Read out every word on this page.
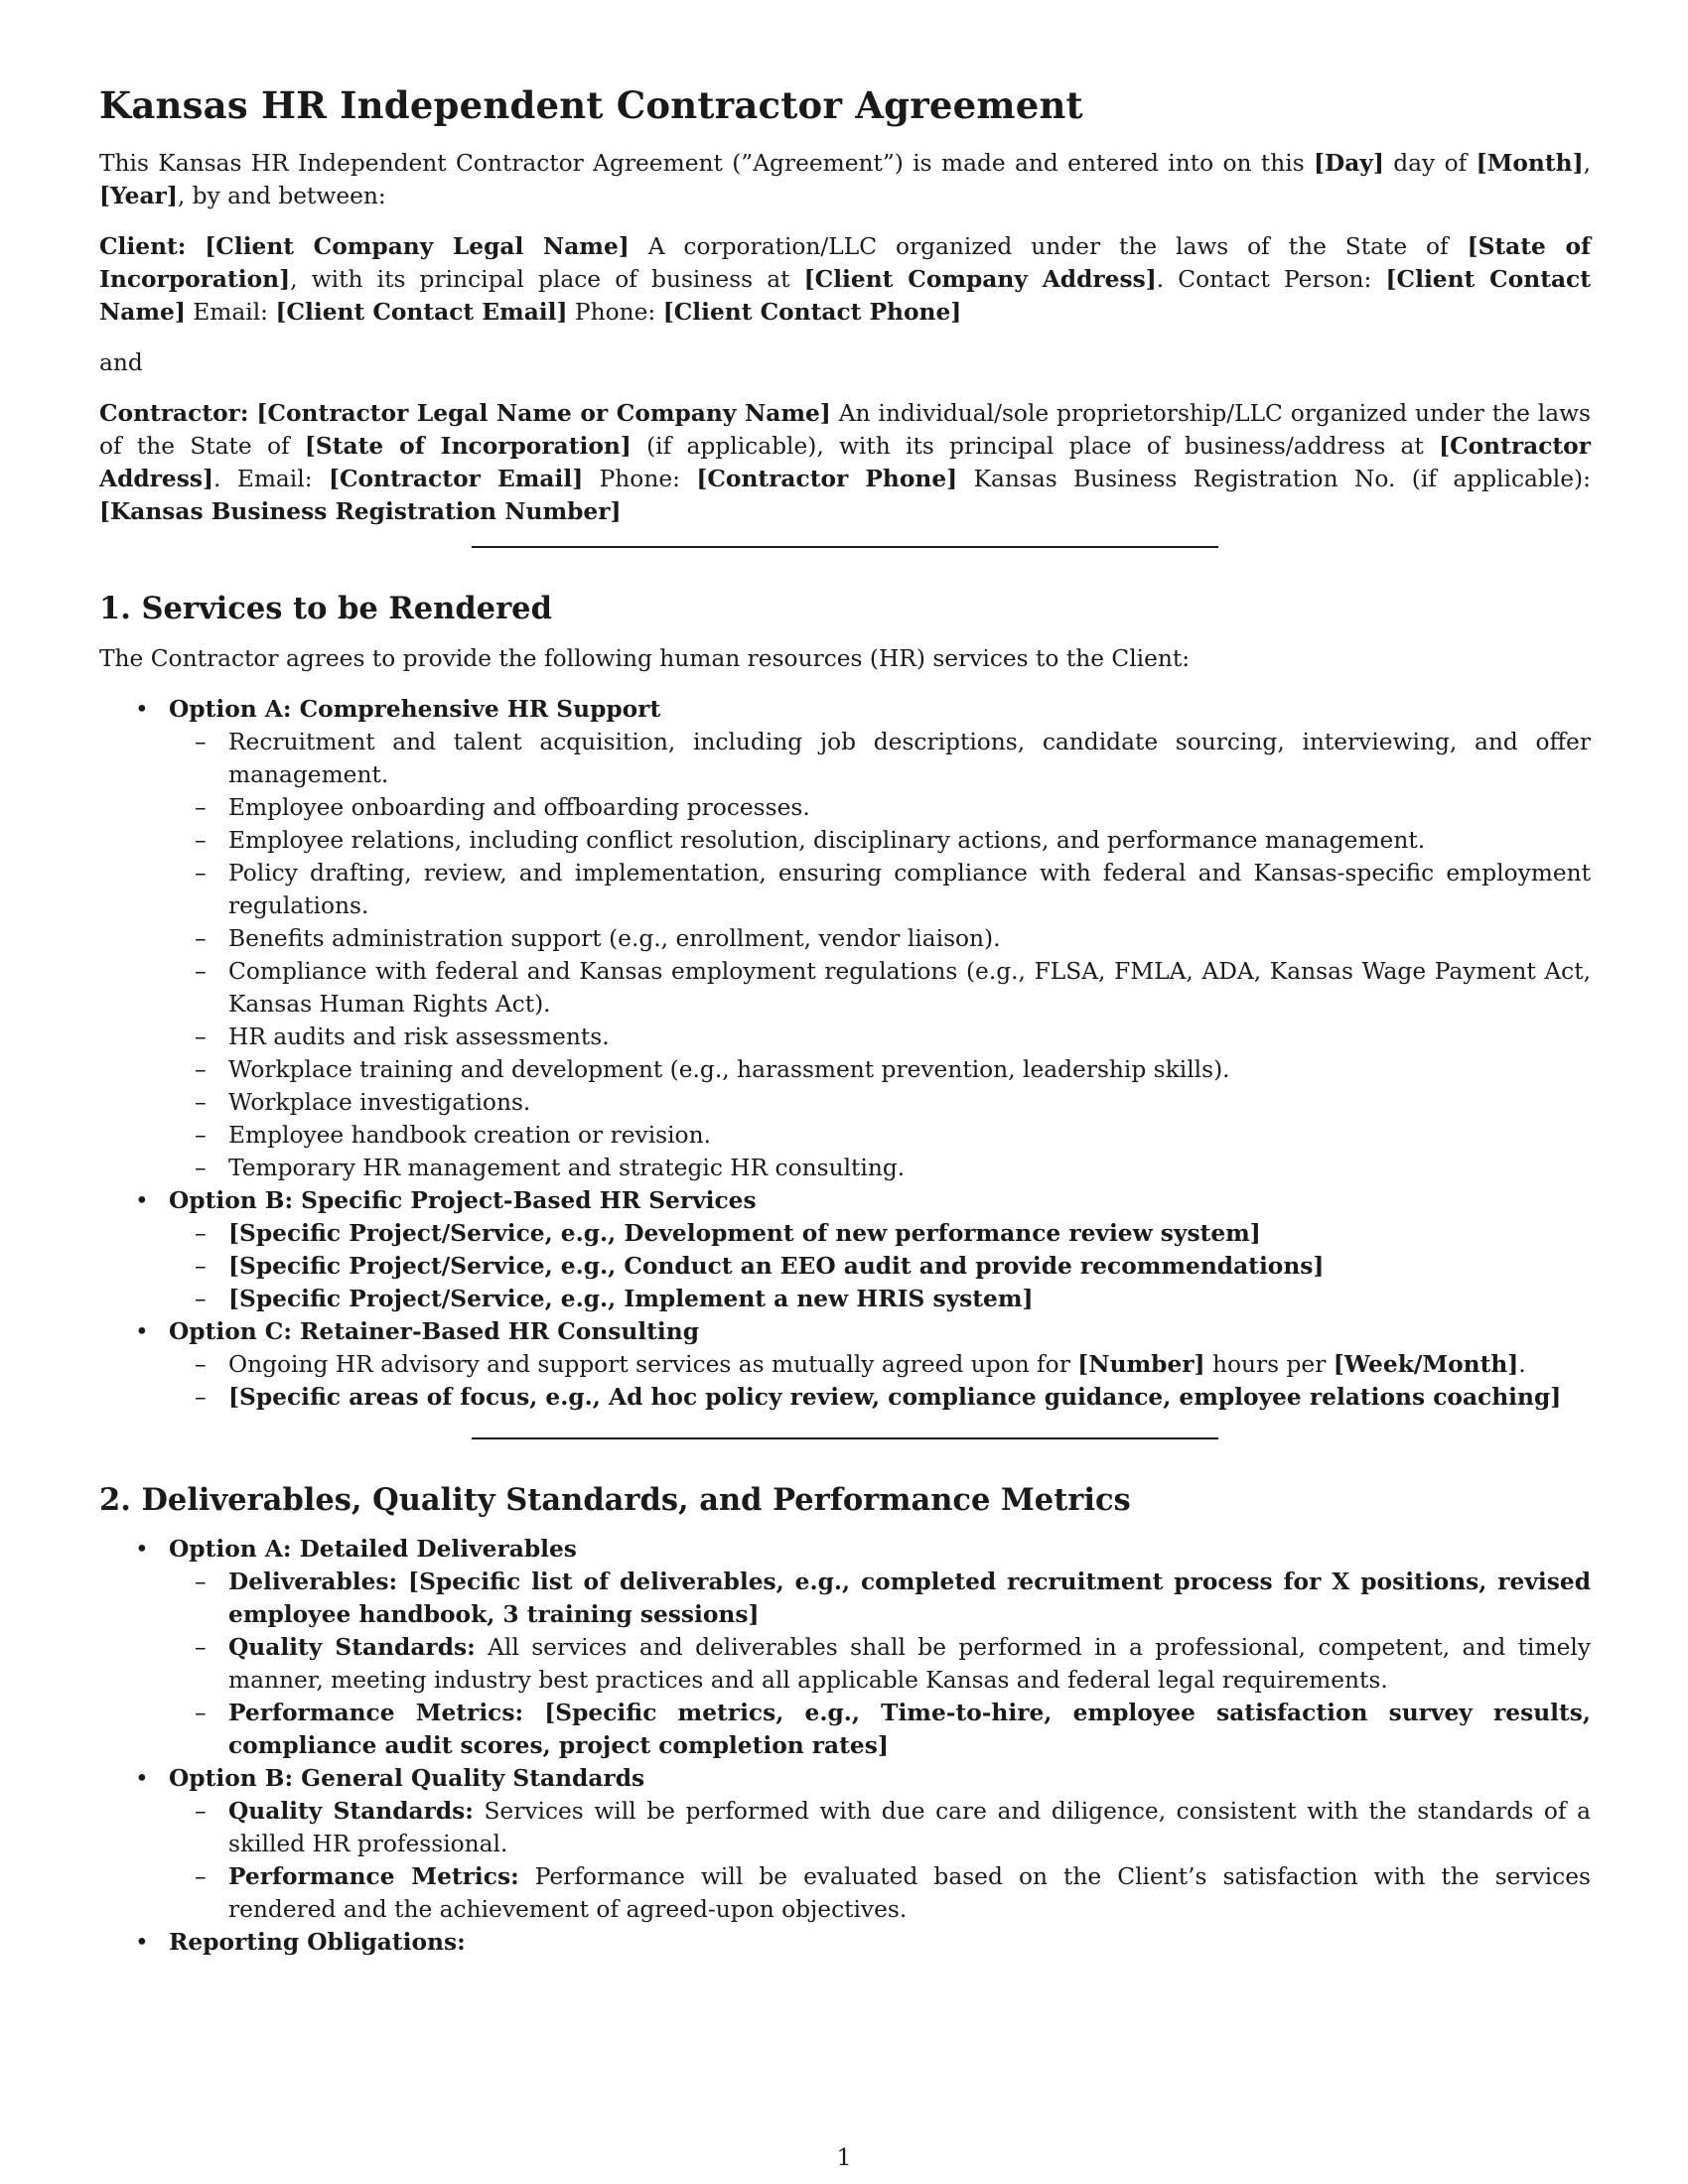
Kansas HR Independent Contractor Agreement

This Kansas HR Independent Contractor Agreement (”Agreement”) is made and entered into on this [Day] day of [Month], [Year], by and between:

Client: [Client Company Legal Name] A corporation/LLC organized under the laws of the State of [State of Incorporation], with its principal place of business at [Client Company Address]. Contact Person: [Client Contact Name] Email: [Client Contact Email] Phone: [Client Contact Phone]

and

Contractor: [Contractor Legal Name or Company Name] An individual/sole proprietorship/LLC organized under the laws of the State of [State of Incorporation] (if applicable), with its principal place of business/address at [Contractor Address]. Email: [Contractor Email] Phone: [Contractor Phone] Kansas Business Registration No. (if applicable): [Kansas Business Registration Number]

1. Services to be Rendered

The Contractor agrees to provide the following human resources (HR) services to the Client:

• Option A: Comprehensive HR Support
– Recruitment and talent acquisition, including job descriptions, candidate sourcing, interviewing, and offer management.
– Employee onboarding and offboarding processes.
– Employee relations, including conflict resolution, disciplinary actions, and performance management.
– Policy drafting, review, and implementation, ensuring compliance with federal and Kansas-specific employment regulations.
– Benefits administration support (e.g., enrollment, vendor liaison).
– Compliance with federal and Kansas employment regulations (e.g., FLSA, FMLA, ADA, Kansas Wage Payment Act, Kansas Human Rights Act).
– HR audits and risk assessments.
– Workplace training and development (e.g., harassment prevention, leadership skills).
– Workplace investigations.
– Employee handbook creation or revision.
– Temporary HR management and strategic HR consulting.
• Option B: Specific Project-Based HR Services
– [Specific Project/Service, e.g., Development of new performance review system]
– [Specific Project/Service, e.g., Conduct an EEO audit and provide recommendations]
– [Specific Project/Service, e.g., Implement a new HRIS system]
• Option C: Retainer-Based HR Consulting
– Ongoing HR advisory and support services as mutually agreed upon for [Number] hours per [Week/Month].
– [Specific areas of focus, e.g., Ad hoc policy review, compliance guidance, employee relations coaching]
2. Deliverables, Quality Standards, and Performance Metrics
• Option A: Detailed Deliverables
– Deliverables: [Specific list of deliverables, e.g., completed recruitment process for X positions, revised employee handbook, 3 training sessions]
– Quality Standards: All services and deliverables shall be performed in a professional, competent, and timely manner, meeting industry best practices and all applicable Kansas and federal legal requirements.
– Performance Metrics: [Specific metrics, e.g., Time-to-hire, employee satisfaction survey results, compliance audit scores, project completion rates]
• Option B: General Quality Standards
– Quality Standards: Services will be performed with due care and diligence, consistent with the standards of a skilled HR professional.
– Performance Metrics: Performance will be evaluated based on the Client’s satisfaction with the services rendered and the achievement of agreed-upon objectives.
• Reporting Obligations:
1
